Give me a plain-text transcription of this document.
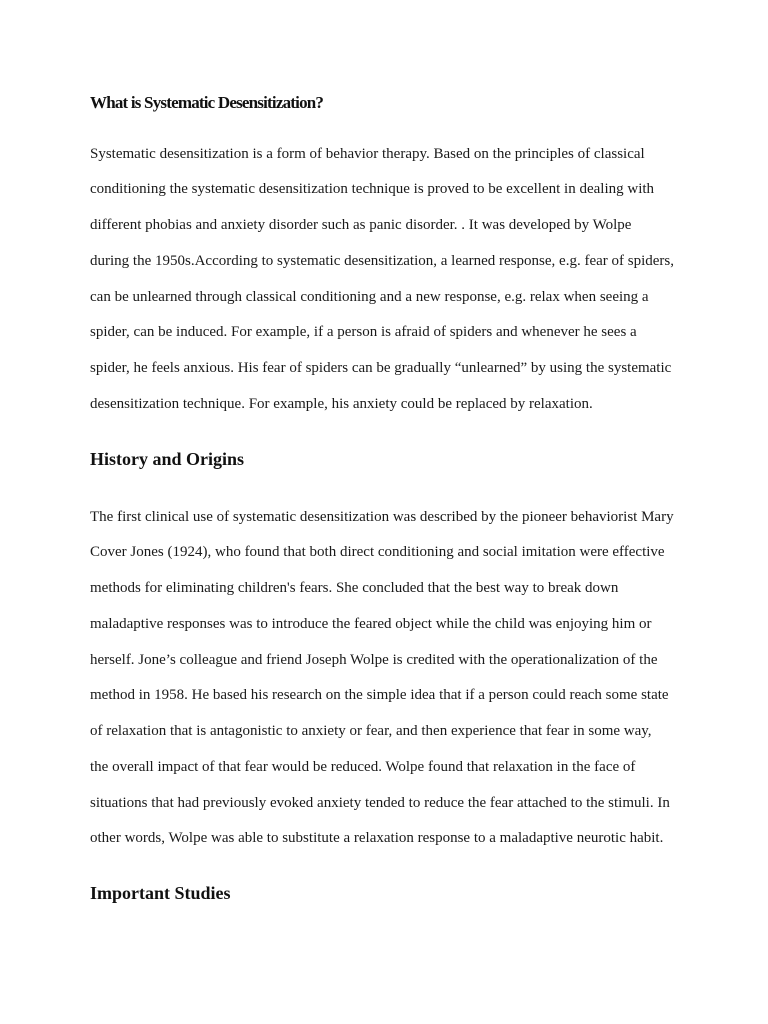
What is Systematic Desensitization?

Systematic desensitization is a form of behavior therapy. Based on the principles of classical

conditioning the systematic desensitization technique is proved to be excellent in dealing with

different phobias and anxiety disorder such as panic disorder. . It was developed by Wolpe

during the 1950s.According to systematic desensitization, a learned response, e.g. fear of spiders,

can be unlearned through classical conditioning and a new response, e.g. relax when seeing a

spider, can be induced. For example, if a person is afraid of spiders and whenever he sees a

spider, he feels anxious. His fear of spiders can be gradually “unlearned” by using the systematic

desensitization technique. For example, his anxiety could be replaced by relaxation.

History and Origins

The first clinical use of systematic desensitization was described by the pioneer behaviorist Mary

Cover Jones (1924), who found that both direct conditioning and social imitation were effective

methods for eliminating children's fears. She concluded that the best way to break down

maladaptive responses was to introduce the feared object while the child was enjoying him or

herself. Jone’s colleague and friend Joseph Wolpe is credited with the operationalization of the

method in 1958. He based his research on the simple idea that if a person could reach some state

of relaxation that is antagonistic to anxiety or fear, and then experience that fear in some way,

the overall impact of that fear would be reduced. Wolpe found that relaxation in the face of

situations that had previously evoked anxiety tended to reduce the fear attached to the stimuli. In

other words, Wolpe was able to substitute a relaxation response to a maladaptive neurotic habit.

Important Studies
